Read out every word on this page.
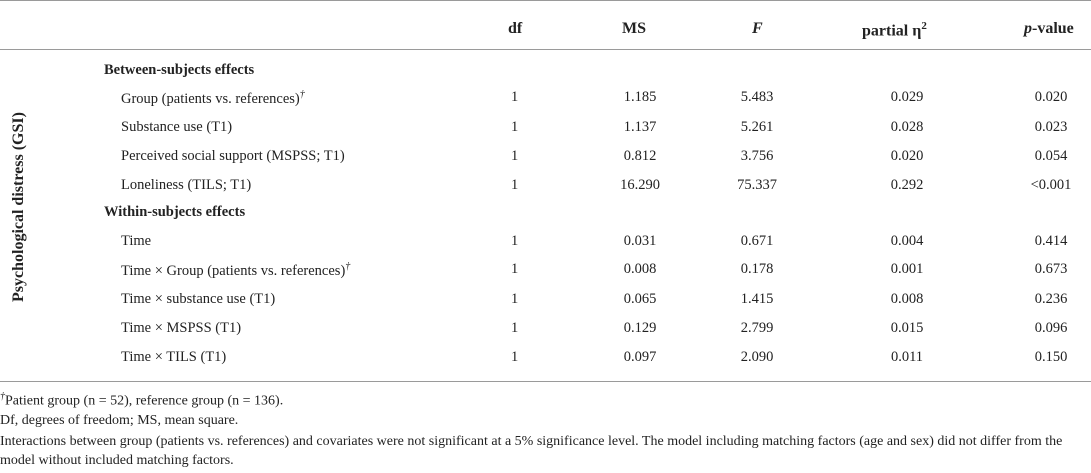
df	MS	F	partial $\eta^2$	p-value
Psychological distress (GSI)
Between-subjects effects
Group (patients vs. references)†	1	1.185	5.483	0.029	0.020
Substance use (T1)	1	1.137	5.261	0.028	0.023
Perceived social support (MSPSS; T1)	1	0.812	3.756	0.020	0.054
Loneliness (TILS; T1)	1	16.290	75.337	0.292	<0.001
Within-subjects effects
Time	1	0.031	0.671	0.004	0.414
Time × Group (patients vs. references)†	1	0.008	0.178	0.001	0.673
Time × substance use (T1)	1	0.065	1.415	0.008	0.236
Time × MSPSS (T1)	1	0.129	2.799	0.015	0.096
Time × TILS (T1)	1	0.097	2.090	0.011	0.150
†Patient group (n = 52), reference group (n = 136).
Df, degrees of freedom; MS, mean square.
Interactions between group (patients vs. references) and covariates were not significant at a 5% significance level. The model including matching factors (age and sex) did not differ from the model without included matching factors.
